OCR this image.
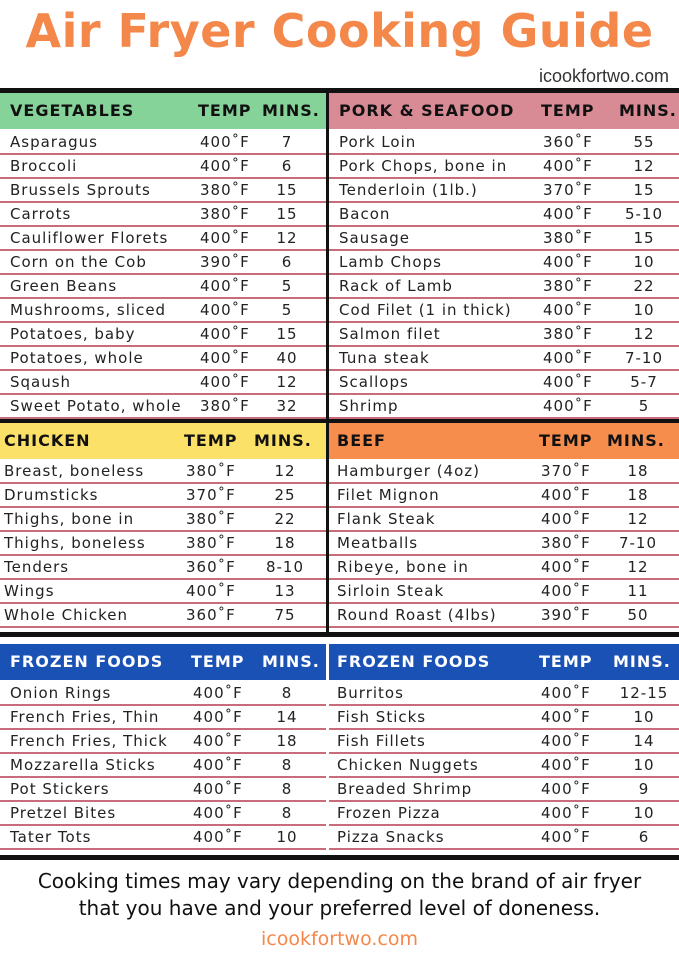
Air Fryer Cooking Guide
icookfortwo.com
VEGETABLES	TEMP MINS.
Asparagus	400˚F	7
Broccoli	400˚F	6
Brussels Sprouts	380˚F	15
Carrots	380˚F	15
Cauliflower Florets 400˚F	12
Corn on the Cob	390˚F	6
Green Beans	400˚F	5
Mushrooms, sliced 400˚F	5
Potatoes, baby	400˚F	15
Potatoes, whole	400˚F	40
Sqaush	400˚F	12
Sweet Potato, whole 380˚F	32
PORK & SEAFOOD TEMP MINS.
Pork Loin	360˚F	55
Pork Chops, bone in 400˚F	12
Tenderloin (1lb.)	370˚F	15
Bacon	400˚F	5-10
Sausage	380˚F	15
Lamb Chops	400˚F	10
Rack of Lamb	380˚F	22
Cod Filet (1 in thick) 400˚F	10
Salmon filet	380˚F	12
Tuna steak	400˚F	7-10
Scallops	400˚F	5-7
Shrimp	400˚F	5
CHICKEN	TEMP MINS.
Breast, boneless	380˚F	12
Drumsticks	370˚F	25
Thighs, bone in	380˚F	22
Thighs, boneless	380˚F	18
Tenders	360˚F	8-10
Wings	400˚F	13
Whole Chicken	360˚F	75
BEEF	TEMP MINS.
Hamburger (4oz)	370˚F	18
Filet Mignon	400˚F	18
Flank Steak	400˚F	12
Meatballs	380˚F	7-10
Ribeye, bone in	400˚F	12
Sirloin Steak	400˚F	11
Round Roast (4lbs)	390˚F	50
FROZEN FOODS TEMP MINS.
Onion Rings	400˚F	8
French Fries, Thin 400˚F	14
French Fries, Thick 400˚F	18
Mozzarella Sticks 400˚F	8
Pot Stickers	400˚F	8
Pretzel Bites	400˚F	8
Tater Tots	400˚F	10
FROZEN FOODS	TEMP MINS.
Burritos	400˚F	12-15
Fish Sticks	400˚F	10
Fish Fillets	400˚F	14
Chicken Nuggets	400˚F	10
Breaded Shrimp	400˚F	9
Frozen Pizza	400˚F	10
Pizza Snacks	400˚F	6
Cooking times may vary depending on the brand of air fryer
that you have and your preferred level of doneness.
icookfortwo.com
